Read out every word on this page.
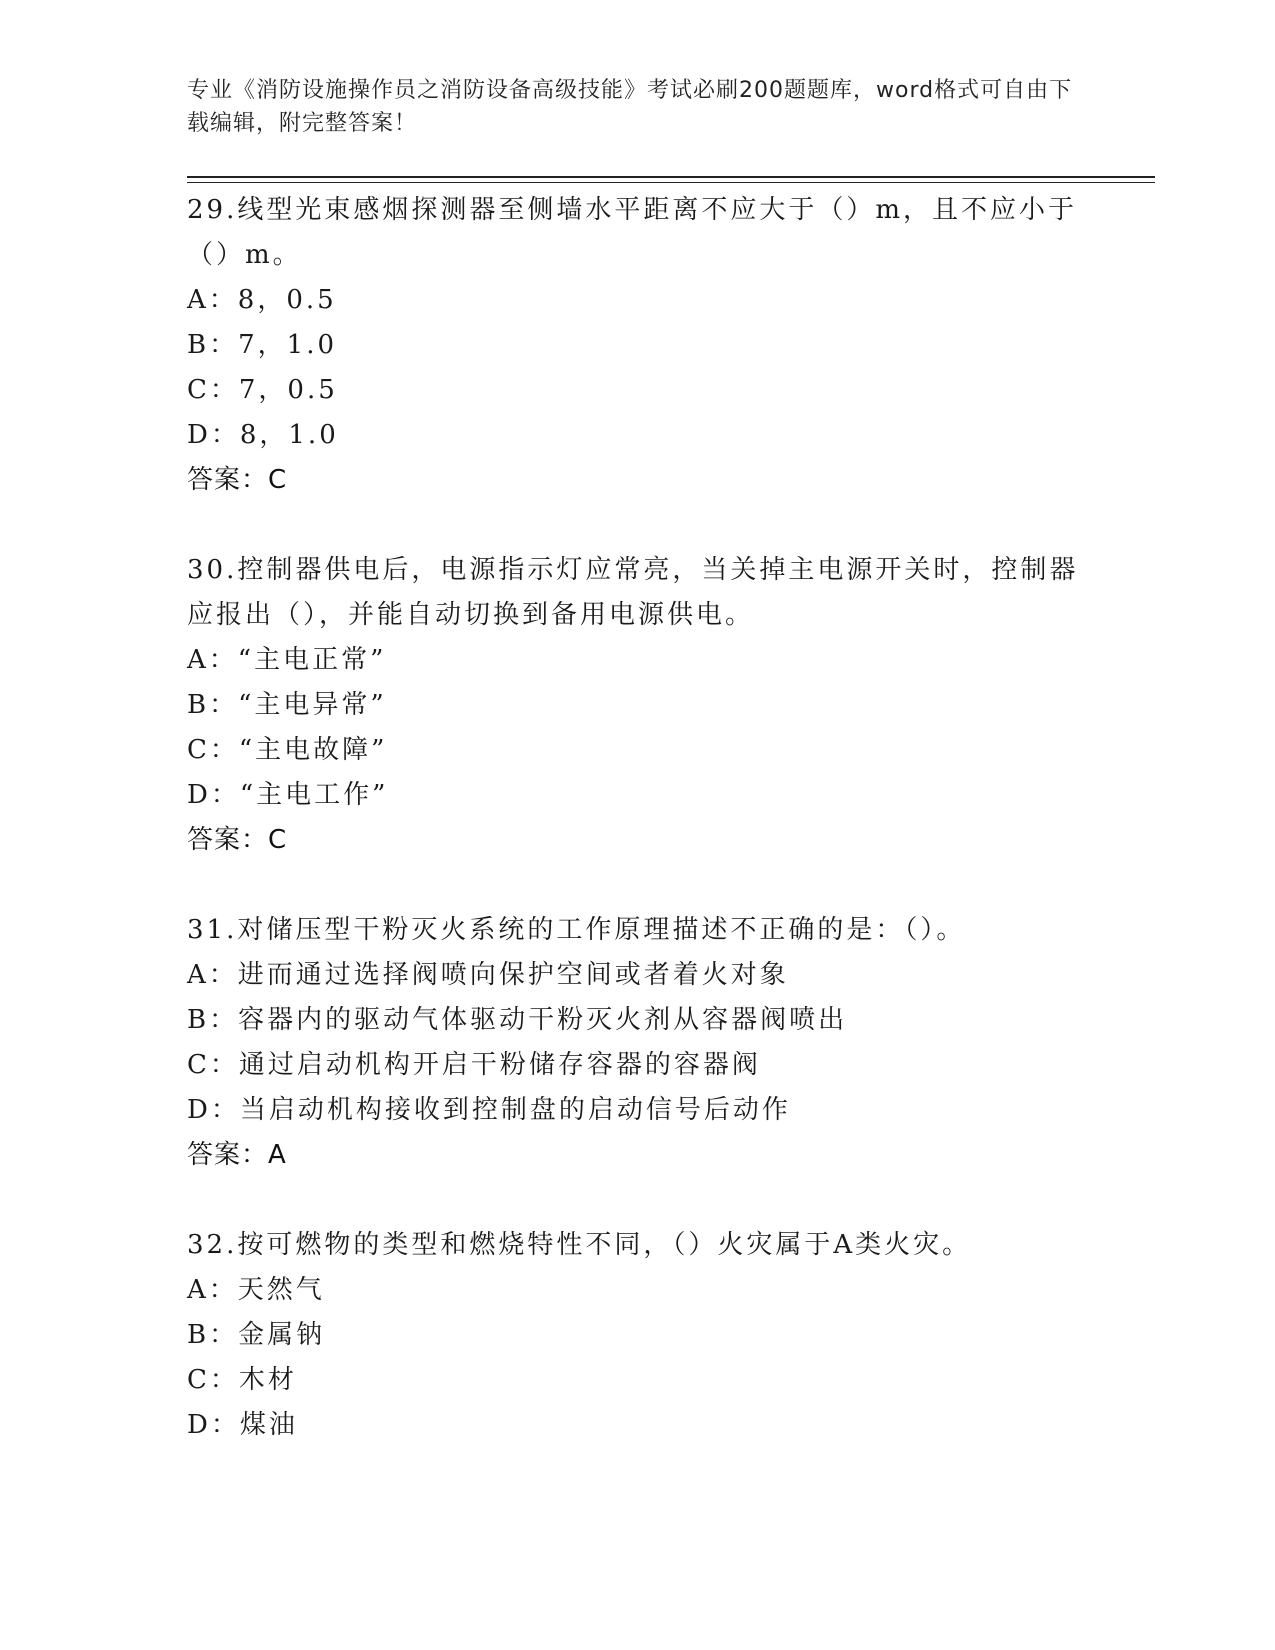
专业《消防设施操作员之消防设备高级技能》考试必刷200题题库，word格式可自由下载编辑，附完整答案！

29.线型光束感烟探测器至侧墙水平距离不应大于（）m，且不应小于（）m。

A：8，0.5

B：7，1.0

C：7，0.5

D：8，1.0

答案：C

30.控制器供电后，电源指示灯应常亮，当关掉主电源开关时，控制器应报出（），并能自动切换到备用电源供电。

A：“主电正常”

B：“主电异常”

C：“主电故障”

D：“主电工作”

答案：C

31.对储压型干粉灭火系统的工作原理描述不正确的是：（）。

A：进而通过选择阀喷向保护空间或者着火对象

B：容器内的驱动气体驱动干粉灭火剂从容器阀喷出

C：通过启动机构开启干粉储存容器的容器阀

D：当启动机构接收到控制盘的启动信号后动作

答案：A

32.按可燃物的类型和燃烧特性不同，（）火灾属于A类火灾。

A：天然气

B：金属钠

C：木材

D：煤油
